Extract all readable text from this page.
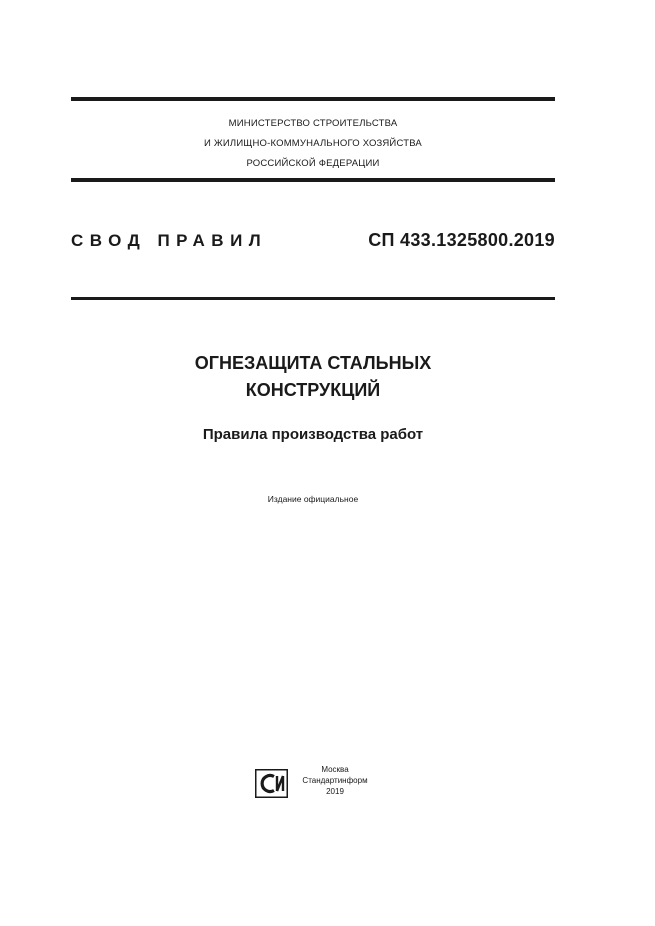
МИНИСТЕРСТВО СТРОИТЕЛЬСТВА
И ЖИЛИЩНО-КОММУНАЛЬНОГО ХОЗЯЙСТВА
РОССИЙСКОЙ ФЕДЕРАЦИИ
СВОД ПРАВИЛ	СП 433.1325800.2019
ОГНЕЗАЩИТА СТАЛЬНЫХ
КОНСТРУКЦИЙ
Правила производства работ
Издание официальное
Москва
Стандартинформ
2019
